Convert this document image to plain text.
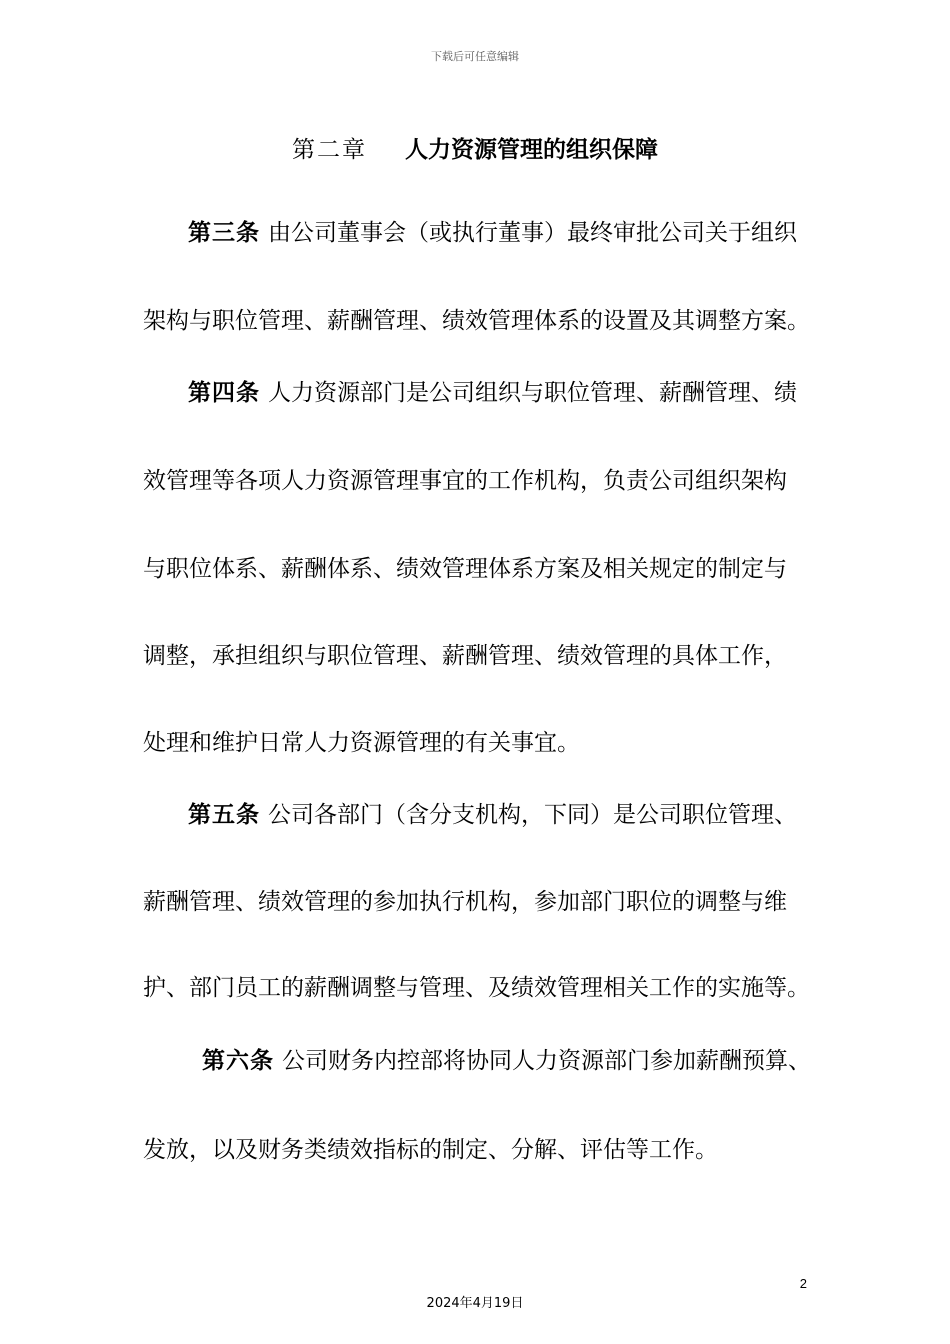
下载后可任意编辑
第二章 人力资源管理的组织保障
第三条 由公司董事会（或执行董事）最终审批公司关于组织
架构与职位管理、薪酬管理、绩效管理体系的设置及其调整方案。
第四条 人力资源部门是公司组织与职位管理、薪酬管理、绩
效管理等各项人力资源管理事宜的工作机构，负责公司组织架构
与职位体系、薪酬体系、绩效管理体系方案及相关规定的制定与
调整，承担组织与职位管理、薪酬管理、绩效管理的具体工作，
处理和维护日常人力资源管理的有关事宜。
第五条 公司各部门（含分支机构，下同）是公司职位管理、
薪酬管理、绩效管理的参加执行机构，参加部门职位的调整与维
护、部门员工的薪酬调整与管理、及绩效管理相关工作的实施等。
第六条 公司财务内控部将协同人力资源部门参加薪酬预算、
发放，以及财务类绩效指标的制定、分解、评估等工作。
2
2024年4月19日
